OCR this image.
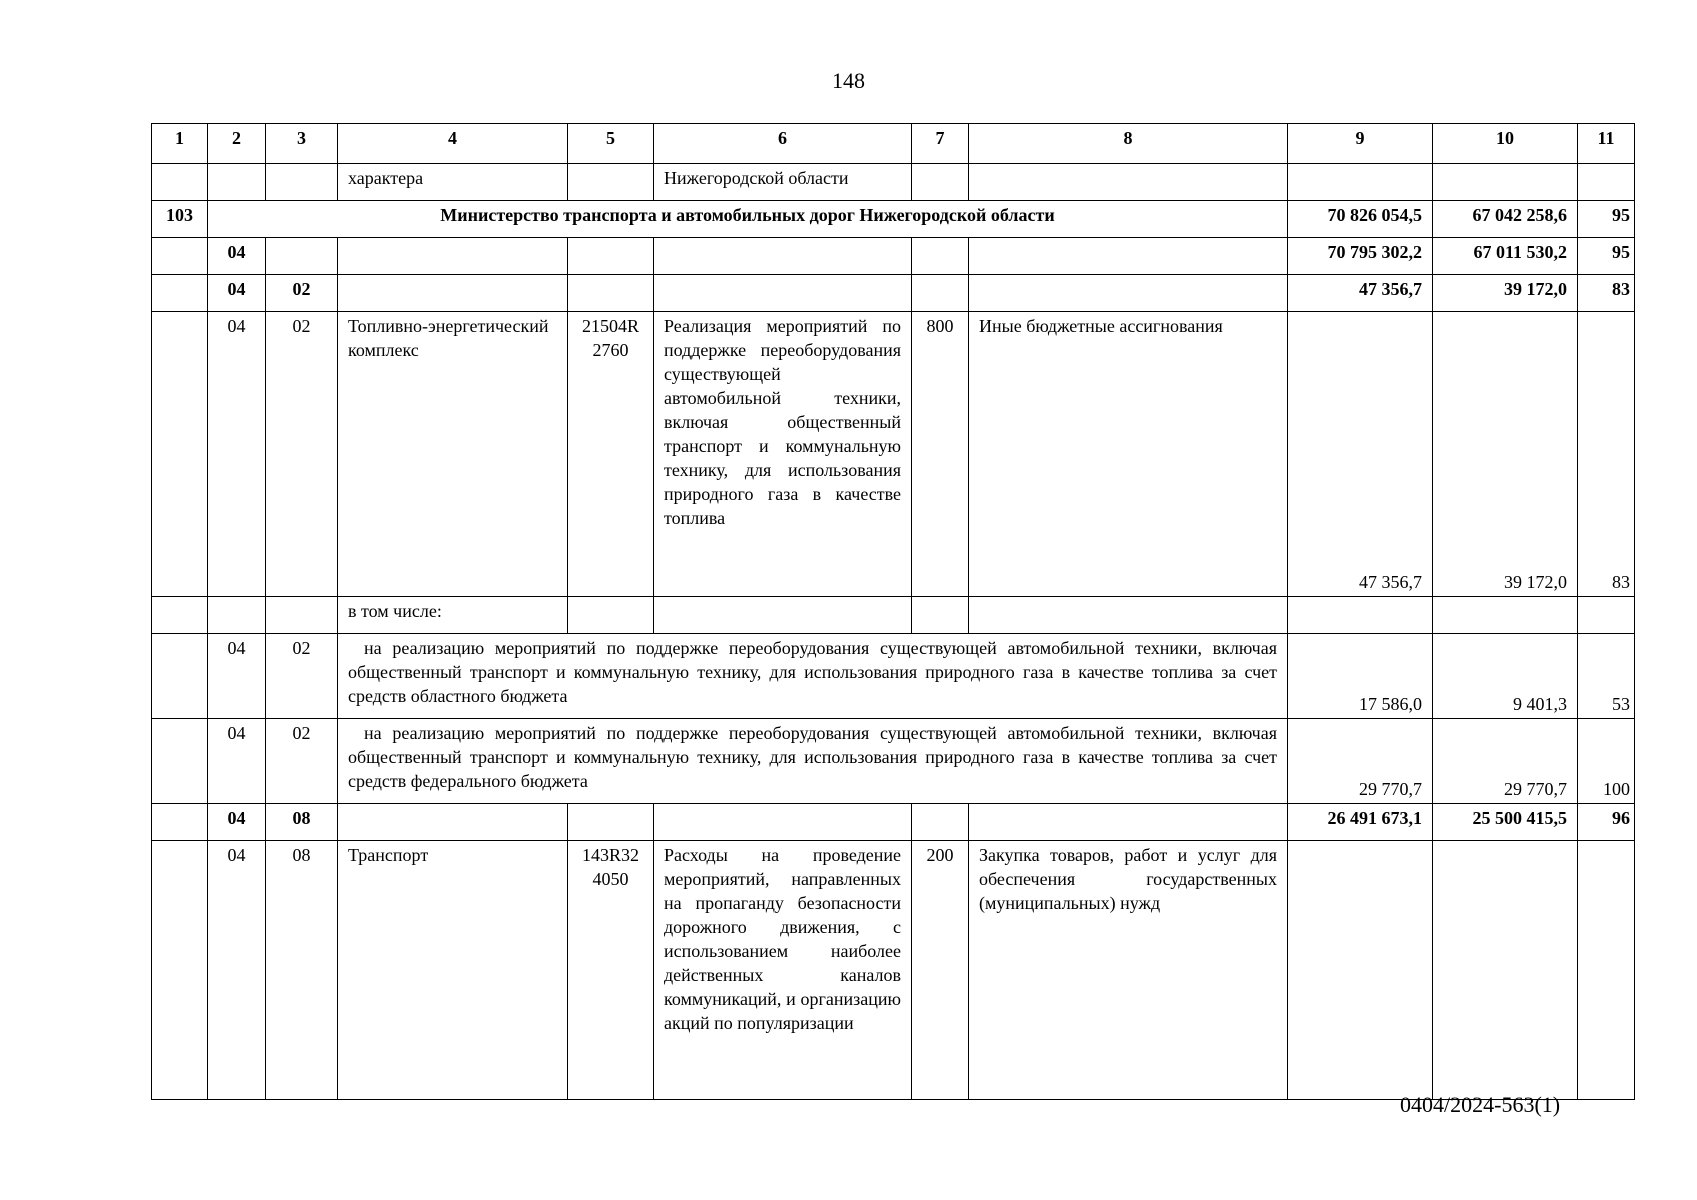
148
1	2	3	4	5	6	7	8	9	10	11
			характера		Нижегородской области					
103	Министерство транспорта и автомобильных дорог Нижегородской области							70 826 054,5	67 042 258,6	95
	04							70 795 302,2	67 011 530,2	95
	04	02						47 356,7	39 172,0	83
	04	02	Топливно-энергетический комплекс	21504R 2760	Реализация мероприятий по поддержке переоборудования существующей автомобильной техники, включая общественный транспорт и коммунальную технику, для использования природного газа в качестве топлива	800	Иные бюджетные ассигнования	47 356,7	39 172,0	83
			в том числе:							
	04	02	на реализацию мероприятий по поддержке переоборудования существующей автомобильной техники, включая общественный транспорт и коммунальную технику, для использования природного газа в качестве топлива за счет средств областного бюджета					17 586,0	9 401,3	53
	04	02	на реализацию мероприятий по поддержке переоборудования существующей автомобильной техники, включая общественный транспорт и коммунальную технику, для использования природного газа в качестве топлива за счет средств федерального бюджета					29 770,7	29 770,7	100
	04	08						26 491 673,1	25 500 415,5	96
	04	08	Транспорт	143R32 4050	Расходы на проведение мероприятий, направленных на пропаганду безопасности дорожного движения, с использованием наиболее действенных каналов коммуникаций, и организацию акций по популяризации	200	Закупка товаров, работ и услуг для обеспечения государственных (муниципальных) нужд			
0404/2024-563(1)
